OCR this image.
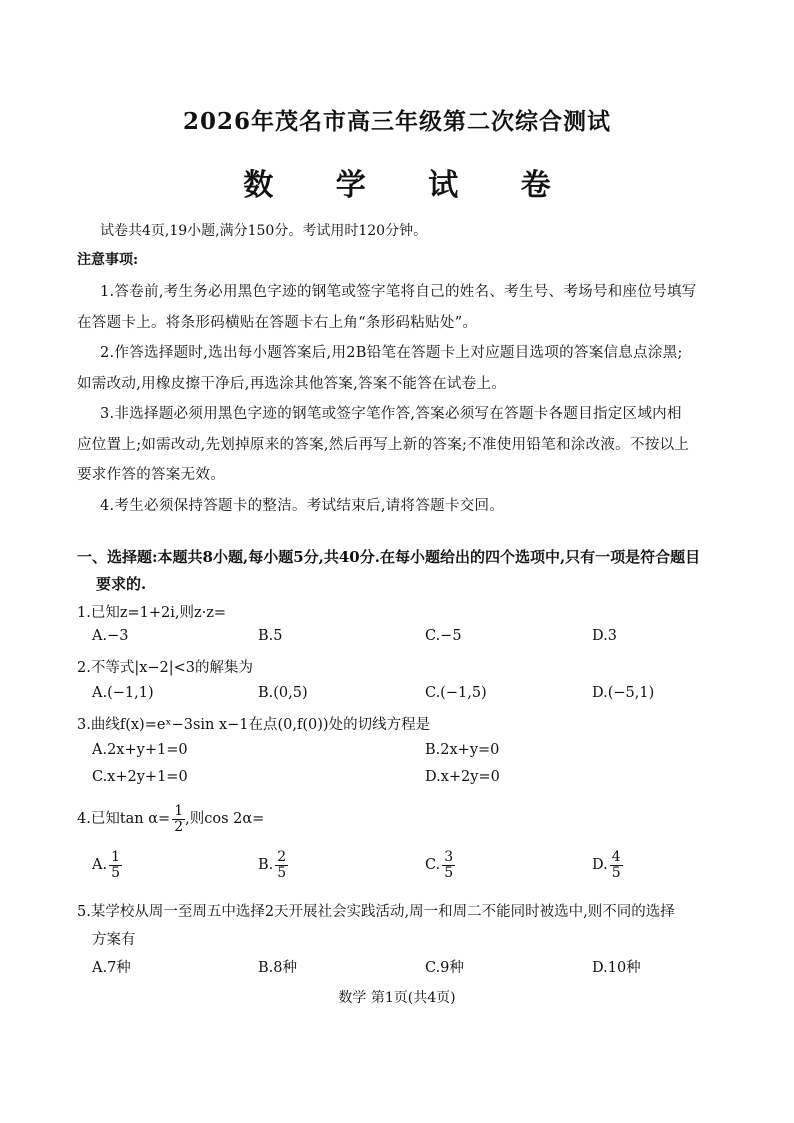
2026年茂名市高三年级第二次综合测试
数 学 试 卷
试卷共4页,19小题,满分150分。考试用时120分钟。
注意事项:
1.答卷前,考生务必用黑色字迹的钢笔或签字笔将自己的姓名、考生号、考场号和座位号填写
在答题卡上。将条形码横贴在答题卡右上角“条形码粘贴处”。
2.作答选择题时,选出每小题答案后,用2B铅笔在答题卡上对应题目选项的答案信息点涂黑;
如需改动,用橡皮擦干净后,再选涂其他答案,答案不能答在试卷上。
3.非选择题必须用黑色字迹的钢笔或签字笔作答,答案必须写在答题卡各题目指定区域内相
应位置上;如需改动,先划掉原来的答案,然后再写上新的答案;不准使用铅笔和涂改液。不按以上
要求作答的答案无效。
4.考生必须保持答题卡的整洁。考试结束后,请将答题卡交回。
一、选择题:本题共8小题,每小题5分,共40分.在每小题给出的四个选项中,只有一项是符合题目
要求的.
1.已知z=1+2i,则z·z=
A.−3	B.5	C.−5	D.3
2.不等式|x−2|<3的解集为
A.(−1,1)	B.(0,5)	C.(−1,5)	D.(−5,1)
3.曲线f(x)=eˣ−3sin x−1在点(0,f(0))处的切线方程是
A.2x+y+1=0	B.2x+y=0
C.x+2y+1=0	D.x+2y=0
4.已知$\tan \alpha= \frac{1}{2}$ ,则cos 2α=
A. $\frac{1}{5}$	B. $\frac{2}{5}$	C. $\frac{3}{5}$	D. $\frac{4}{5}$
5.某学校从周一至周五中选择2天开展社会实践活动,周一和周二不能同时被选中,则不同的选择
方案有
A.7种	B.8种	C.9种	D.10种
数学 第1页(共4页)
